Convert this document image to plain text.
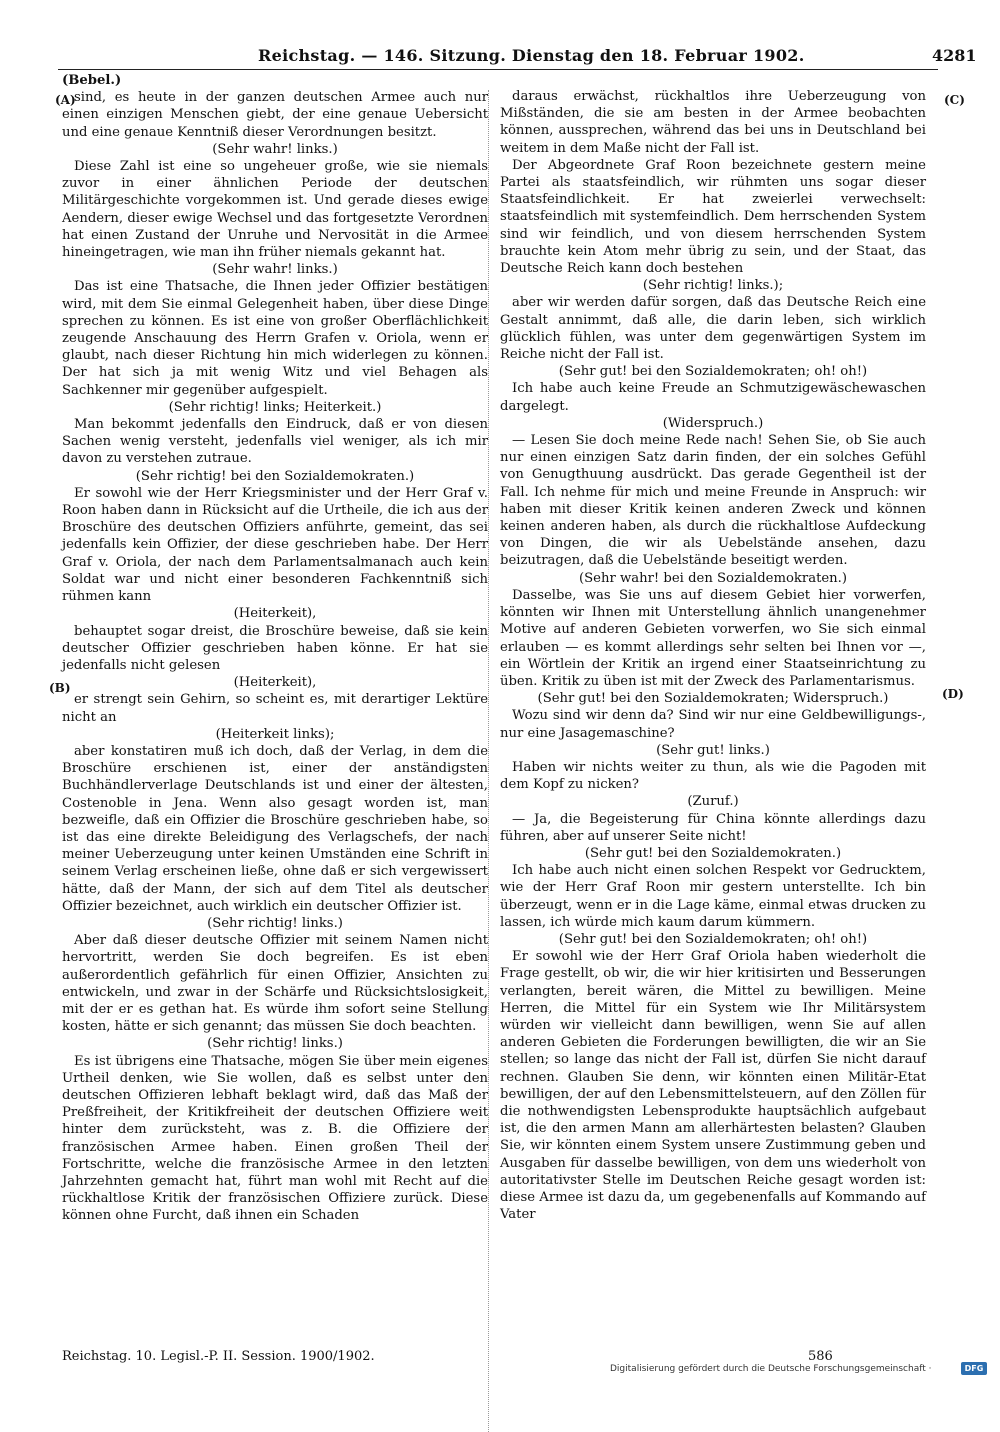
Reichstag. — 146. Sitzung. Dienstag den 18. Februar 1902.	4281
(A)
(B)
(C)
(D)

(Bebel.)

sind, es heute in der ganzen deutschen Armee auch nur einen einzigen Menschen giebt, der eine genaue Uebersicht und eine genaue Kenntniß dieser Verordnungen besitzt.

(Sehr wahr! links.)

Diese Zahl ist eine so ungeheuer große, wie sie niemals zuvor in einer ähnlichen Periode der deutschen Militärgeschichte vorgekommen ist. Und gerade dieses ewige Aendern, dieser ewige Wechsel und das fortgesetzte Verordnen hat einen Zustand der Unruhe und Nervosität in die Armee hineingetragen, wie man ihn früher niemals gekannt hat.

(Sehr wahr! links.)

Das ist eine Thatsache, die Ihnen jeder Offizier bestätigen wird, mit dem Sie einmal Gelegenheit haben, über diese Dinge sprechen zu können. Es ist eine von großer Oberflächlichkeit zeugende Anschauung des Herrn Grafen v. Oriola, wenn er glaubt, nach dieser Richtung hin mich widerlegen zu können. Der hat sich ja mit wenig Witz und viel Behagen als Sachkenner mir gegenüber aufgespielt.

(Sehr richtig! links; Heiterkeit.)

Man bekommt jedenfalls den Eindruck, daß er von diesen Sachen wenig versteht, jedenfalls viel weniger, als ich mir davon zu verstehen zutraue.

(Sehr richtig! bei den Sozialdemokraten.)

Er sowohl wie der Herr Kriegsminister und der Herr Graf v. Roon haben dann in Rücksicht auf die Urtheile, die ich aus der Broschüre des deutschen Offiziers anführte, gemeint, das sei jedenfalls kein Offizier, der diese geschrieben habe. Der Herr Graf v. Oriola, der nach dem Parlamentsalmanach auch kein Soldat war und nicht einer besonderen Fachkenntniß sich rühmen kann

(Heiterkeit),

behauptet sogar dreist, die Broschüre beweise, daß sie kein deutscher Offizier geschrieben haben könne. Er hat sie jedenfalls nicht gelesen

(Heiterkeit),

er strengt sein Gehirn, so scheint es, mit derartiger Lektüre nicht an

(Heiterkeit links);

aber konstatiren muß ich doch, daß der Verlag, in dem die Broschüre erschienen ist, einer der anständigsten Buchhändlerverlage Deutschlands ist und einer der ältesten, Costenoble in Jena. Wenn also gesagt worden ist, man bezweifle, daß ein Offizier die Broschüre geschrieben habe, so ist das eine direkte Beleidigung des Verlagschefs, der nach meiner Ueberzeugung unter keinen Umständen eine Schrift in seinem Verlag erscheinen ließe, ohne daß er sich vergewissert hätte, daß der Mann, der sich auf dem Titel als deutscher Offizier bezeichnet, auch wirklich ein deutscher Offizier ist.

(Sehr richtig! links.)

Aber daß dieser deutsche Offizier mit seinem Namen nicht hervortritt, werden Sie doch begreifen. Es ist eben außerordentlich gefährlich für einen Offizier, Ansichten zu entwickeln, und zwar in der Schärfe und Rücksichtslosigkeit, mit der er es gethan hat. Es würde ihm sofort seine Stellung kosten, hätte er sich genannt; das müssen Sie doch beachten.

(Sehr richtig! links.)

Es ist übrigens eine Thatsache, mögen Sie über mein eigenes Urtheil denken, wie Sie wollen, daß es selbst unter den deutschen Offizieren lebhaft beklagt wird, daß das Maß der Preßfreiheit, der Kritikfreiheit der deutschen Offiziere weit hinter dem zurücksteht, was z. B. die Offiziere der französischen Armee haben. Einen großen Theil der Fortschritte, welche die französische Armee in den letzten Jahrzehnten gemacht hat, führt man wohl mit Recht auf die rückhaltlose Kritik der französischen Offiziere zurück. Diese können ohne Furcht, daß ihnen ein Schaden

daraus erwächst, rückhaltlos ihre Ueberzeugung von Mißständen, die sie am besten in der Armee beobachten können, aussprechen, während das bei uns in Deutschland bei weitem in dem Maße nicht der Fall ist.

Der Abgeordnete Graf Roon bezeichnete gestern meine Partei als staatsfeindlich, wir rühmten uns sogar dieser Staatsfeindlichkeit. Er hat zweierlei verwechselt: staatsfeindlich mit systemfeindlich. Dem herrschenden System sind wir feindlich, und von diesem herrschenden System brauchte kein Atom mehr übrig zu sein, und der Staat, das Deutsche Reich kann doch bestehen

(Sehr richtig! links.);

aber wir werden dafür sorgen, daß das Deutsche Reich eine Gestalt annimmt, daß alle, die darin leben, sich wirklich glücklich fühlen, was unter dem gegenwärtigen System im Reiche nicht der Fall ist.

(Sehr gut! bei den Sozialdemokraten; oh! oh!)

Ich habe auch keine Freude an Schmutzigewäschewaschen dargelegt.

(Widerspruch.)

— Lesen Sie doch meine Rede nach! Sehen Sie, ob Sie auch nur einen einzigen Satz darin finden, der ein solches Gefühl von Genugthuung ausdrückt. Das gerade Gegentheil ist der Fall. Ich nehme für mich und meine Freunde in Anspruch: wir haben mit dieser Kritik keinen anderen Zweck und können keinen anderen haben, als durch die rückhaltlose Aufdeckung von Dingen, die wir als Uebelstände ansehen, dazu beizutragen, daß die Uebelstände beseitigt werden.

(Sehr wahr! bei den Sozialdemokraten.)

Dasselbe, was Sie uns auf diesem Gebiet hier vorwerfen, könnten wir Ihnen mit Unterstellung ähnlich unangenehmer Motive auf anderen Gebieten vorwerfen, wo Sie sich einmal erlauben — es kommt allerdings sehr selten bei Ihnen vor —, ein Wörtlein der Kritik an irgend einer Staatseinrichtung zu üben. Kritik zu üben ist mit der Zweck des Parlamentarismus.

(Sehr gut! bei den Sozialdemokraten; Widerspruch.)

Wozu sind wir denn da? Sind wir nur eine Geldbewilligungs-, nur eine Jasagemaschine?

(Sehr gut! links.)

Haben wir nichts weiter zu thun, als wie die Pagoden mit dem Kopf zu nicken?

(Zuruf.)

— Ja, die Begeisterung für China könnte allerdings dazu führen, aber auf unserer Seite nicht!

(Sehr gut! bei den Sozialdemokraten.)

Ich habe auch nicht einen solchen Respekt vor Gedrucktem, wie der Herr Graf Roon mir gestern unterstellte. Ich bin überzeugt, wenn er in die Lage käme, einmal etwas drucken zu lassen, ich würde mich kaum darum kümmern.

(Sehr gut! bei den Sozialdemokraten; oh! oh!)

Er sowohl wie der Herr Graf Oriola haben wiederholt die Frage gestellt, ob wir, die wir hier kritisirten und Besserungen verlangten, bereit wären, die Mittel zu bewilligen. Meine Herren, die Mittel für ein System wie Ihr Militärsystem würden wir vielleicht dann bewilligen, wenn Sie auf allen anderen Gebieten die Forderungen bewilligten, die wir an Sie stellen; so lange das nicht der Fall ist, dürfen Sie nicht darauf rechnen. Glauben Sie denn, wir könnten einen Militär-Etat bewilligen, der auf den Lebensmittelsteuern, auf den Zöllen für die nothwendigsten Lebensprodukte hauptsächlich aufgebaut ist, die den armen Mann am allerhärtesten belasten? Glauben Sie, wir könnten einem System unsere Zustimmung geben und Ausgaben für dasselbe bewilligen, von dem uns wiederholt von autoritativster Stelle im Deutschen Reiche gesagt worden ist: diese Armee ist dazu da, um gegebenenfalls auf Kommando auf Vater

Reichstag. 10. Legisl.-P. II. Session. 1900/1902.	586
Digitalisierung gefördert durch die Deutsche Forschungsgemeinschaft ·	DFG
